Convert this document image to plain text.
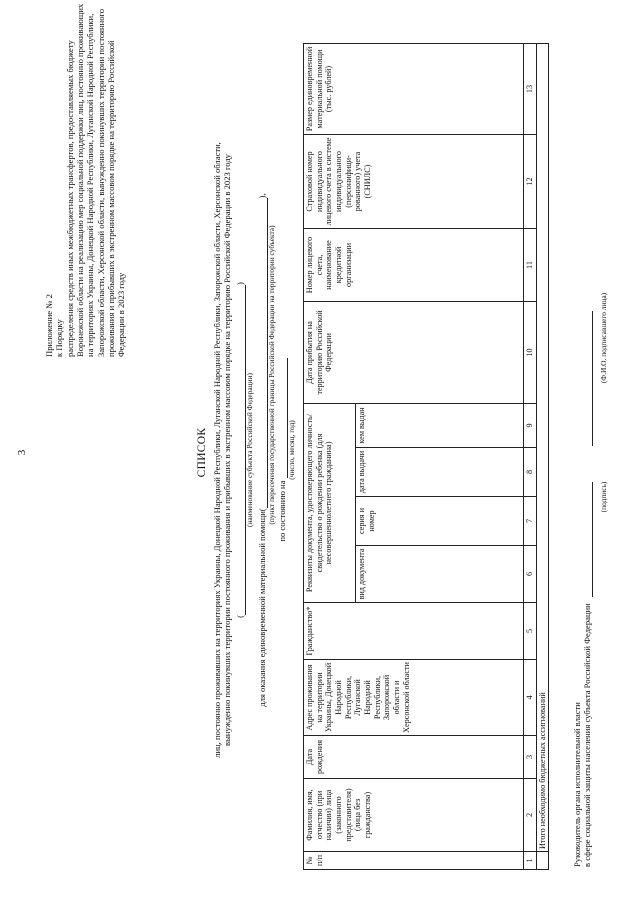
3
Приложение № 2 к Порядку распределения средств иных межбюджетных трансфертов, предоставляемых бюджету Воронежской области на реализацию мер социальной поддержки лиц, постоянно проживающих на территориях Украины, Донецкой Народной Республики, Луганской Народной Республики, Запорожской области, Херсонской области, вынужденно покинувших территории постоянного проживания и прибывших в экстренном массовом порядке на территорию Российской Федерации в 2023 году
СПИСОК лиц, постоянно проживавших на территориях Украины, Донецкой Народной Республики, Луганской Народной Республики, Запорожской области, Херсонской области, вынужденно покинувших территории постоянного проживания и прибывших в экстренном массовом порядке на территорию Российской Федерации в 2023 году ( )
(наименование субъекта Российской Федерации)
для оказания единовременной материальной помощи( ),
(пункт пересечения государственной границы Российской Федерации на территории субъекта) по состоянию на
(число, месяц, год)
№ п/п	Фамилия, имя, отчество (при наличии) лица (законного представителя) (лица без гражданства)	Дата рождения	Адрес проживания на территории Украины, Донецкой Народной Республики, Луганской Народной Республики, Запорожской области и Херсонской области	Гражданство*	Реквизиты документа, удостоверяющего личность/свидетельство о рождении ребенка (для несовершеннолетнего гражданина)				Дата прибытия на территорию Российской Федерации	Номер лицевого счета, наименование кредитной организации	Страховой номер индивидуального лицевого счета в системе индивидуального (персонифици-рованного) учета (СНИЛС)	Размер единовременной материальной помощи (тыс. рублей)
					вид документа	серия и номер	дата выдачи	кем выдан				
1	2	3	4	5	6	7	8	9	10	11	12	13
	Итого необходимо бюджетных ассигнований												Руководитель органа исполнительной власти в сфере социальной защиты населения субъекта Российской Федерации
(подпись)
(Ф.И.О. подписавшего лица)
